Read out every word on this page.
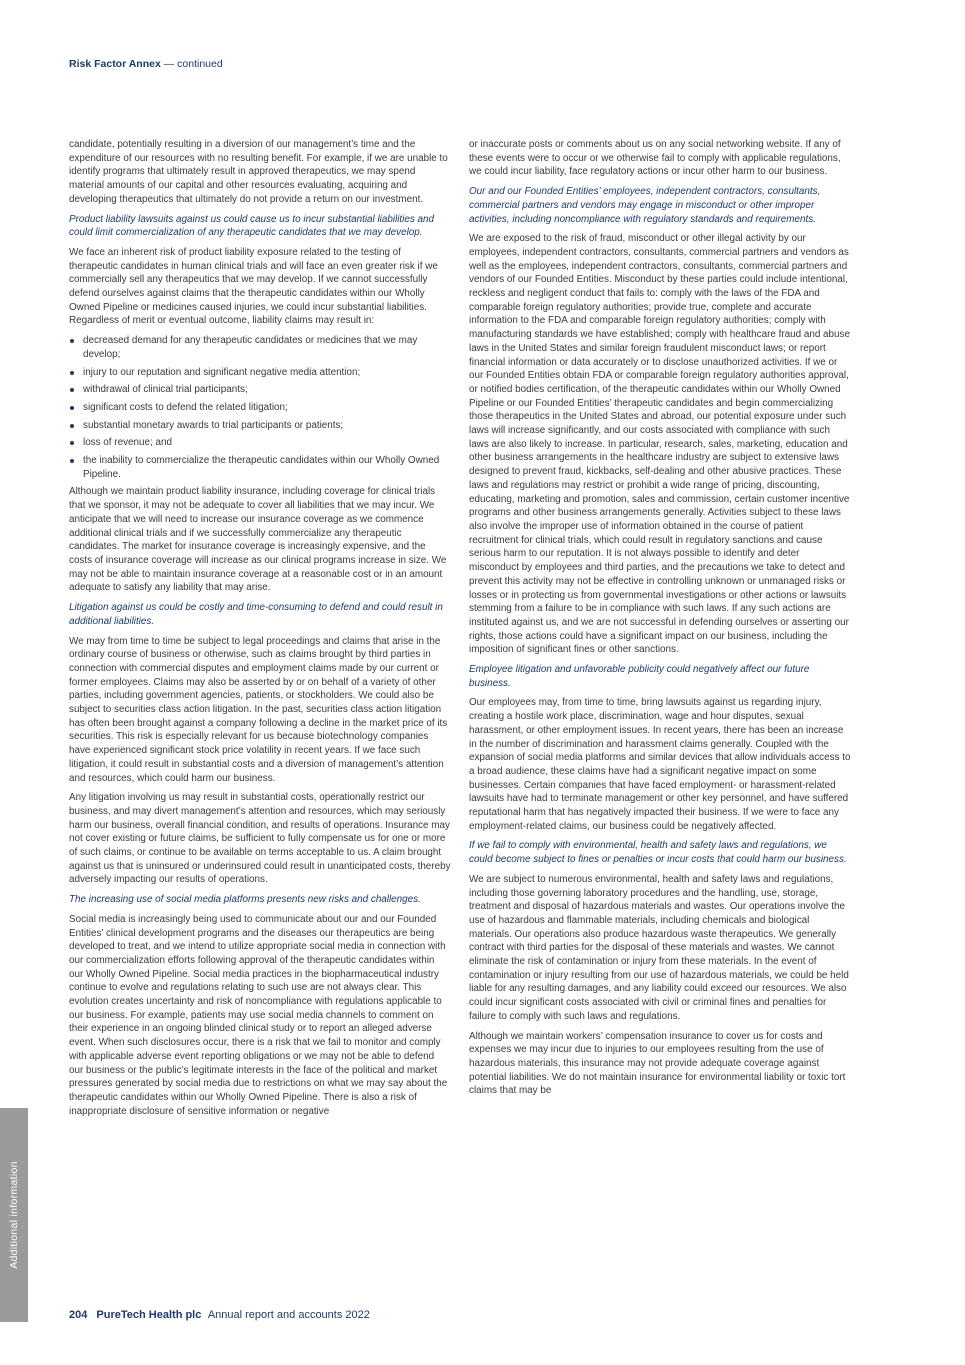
Risk Factor Annex — continued

candidate, potentially resulting in a diversion of our management’s time and the expenditure of our resources with no resulting benefit. For example, if we are unable to identify programs that ultimately result in approved therapeutics, we may spend material amounts of our capital and other resources evaluating, acquiring and developing therapeutics that ultimately do not provide a return on our investment.

Product liability lawsuits against us could cause us to incur substantial liabilities and could limit commercialization of any therapeutic candidates that we may develop.

We face an inherent risk of product liability exposure related to the testing of therapeutic candidates in human clinical trials and will face an even greater risk if we commercially sell any therapeutics that we may develop. If we cannot successfully defend ourselves against claims that the therapeutic candidates within our Wholly Owned Pipeline or medicines caused injuries, we could incur substantial liabilities. Regardless of merit or eventual outcome, liability claims may result in:

decreased demand for any therapeutic candidates or medicines that we may develop;
injury to our reputation and significant negative media attention;
withdrawal of clinical trial participants;
significant costs to defend the related litigation;
substantial monetary awards to trial participants or patients;
loss of revenue; and
the inability to commercialize the therapeutic candidates within our Wholly Owned Pipeline.

Although we maintain product liability insurance, including coverage for clinical trials that we sponsor, it may not be adequate to cover all liabilities that we may incur. We anticipate that we will need to increase our insurance coverage as we commence additional clinical trials and if we successfully commercialize any therapeutic candidates. The market for insurance coverage is increasingly expensive, and the costs of insurance coverage will increase as our clinical programs increase in size. We may not be able to maintain insurance coverage at a reasonable cost or in an amount adequate to satisfy any liability that may arise.

Litigation against us could be costly and time-consuming to defend and could result in additional liabilities.

We may from time to time be subject to legal proceedings and claims that arise in the ordinary course of business or otherwise, such as claims brought by third parties in connection with commercial disputes and employment claims made by our current or former employees. Claims may also be asserted by or on behalf of a variety of other parties, including government agencies, patients, or stockholders. We could also be subject to securities class action litigation. In the past, securities class action litigation has often been brought against a company following a decline in the market price of its securities. This risk is especially relevant for us because biotechnology companies have experienced significant stock price volatility in recent years. If we face such litigation, it could result in substantial costs and a diversion of management’s attention and resources, which could harm our business.

Any litigation involving us may result in substantial costs, operationally restrict our business, and may divert management’s attention and resources, which may seriously harm our business, overall financial condition, and results of operations. Insurance may not cover existing or future claims, be sufficient to fully compensate us for one or more of such claims, or continue to be available on terms acceptable to us. A claim brought against us that is uninsured or underinsured could result in unanticipated costs, thereby adversely impacting our results of operations.

The increasing use of social media platforms presents new risks and challenges.

Social media is increasingly being used to communicate about our and our Founded Entities’ clinical development programs and the diseases our therapeutics are being developed to treat, and we intend to utilize appropriate social media in connection with our commercialization efforts following approval of the therapeutic candidates within our Wholly Owned Pipeline. Social media practices in the biopharmaceutical industry continue to evolve and regulations relating to such use are not always clear. This evolution creates uncertainty and risk of noncompliance with regulations applicable to our business. For example, patients may use social media channels to comment on their experience in an ongoing blinded clinical study or to report an alleged adverse event. When such disclosures occur, there is a risk that we fail to monitor and comply with applicable adverse event reporting obligations or we may not be able to defend our business or the public’s legitimate interests in the face of the political and market pressures generated by social media due to restrictions on what we may say about the therapeutic candidates within our Wholly Owned Pipeline. There is also a risk of inappropriate disclosure of sensitive information or negative

or inaccurate posts or comments about us on any social networking website. If any of these events were to occur or we otherwise fail to comply with applicable regulations, we could incur liability, face regulatory actions or incur other harm to our business.

Our and our Founded Entities’ employees, independent contractors, consultants, commercial partners and vendors may engage in misconduct or other improper activities, including noncompliance with regulatory standards and requirements.

We are exposed to the risk of fraud, misconduct or other illegal activity by our employees, independent contractors, consultants, commercial partners and vendors as well as the employees, independent contractors, consultants, commercial partners and vendors of our Founded Entities. Misconduct by these parties could include intentional, reckless and negligent conduct that fails to: comply with the laws of the FDA and comparable foreign regulatory authorities; provide true, complete and accurate information to the FDA and comparable foreign regulatory authorities; comply with manufacturing standards we have established; comply with healthcare fraud and abuse laws in the United States and similar foreign fraudulent misconduct laws; or report financial information or data accurately or to disclose unauthorized activities. If we or our Founded Entities obtain FDA or comparable foreign regulatory authorities approval, or notified bodies certification, of the therapeutic candidates within our Wholly Owned Pipeline or our Founded Entities’ therapeutic candidates and begin commercializing those therapeutics in the United States and abroad, our potential exposure under such laws will increase significantly, and our costs associated with compliance with such laws are also likely to increase. In particular, research, sales, marketing, education and other business arrangements in the healthcare industry are subject to extensive laws designed to prevent fraud, kickbacks, self-dealing and other abusive practices. These laws and regulations may restrict or prohibit a wide range of pricing, discounting, educating, marketing and promotion, sales and commission, certain customer incentive programs and other business arrangements generally. Activities subject to these laws also involve the improper use of information obtained in the course of patient recruitment for clinical trials, which could result in regulatory sanctions and cause serious harm to our reputation. It is not always possible to identify and deter misconduct by employees and third parties, and the precautions we take to detect and prevent this activity may not be effective in controlling unknown or unmanaged risks or losses or in protecting us from governmental investigations or other actions or lawsuits stemming from a failure to be in compliance with such laws. If any such actions are instituted against us, and we are not successful in defending ourselves or asserting our rights, those actions could have a significant impact on our business, including the imposition of significant fines or other sanctions.

Employee litigation and unfavorable publicity could negatively affect our future business.

Our employees may, from time to time, bring lawsuits against us regarding injury, creating a hostile work place, discrimination, wage and hour disputes, sexual harassment, or other employment issues. In recent years, there has been an increase in the number of discrimination and harassment claims generally. Coupled with the expansion of social media platforms and similar devices that allow individuals access to a broad audience, these claims have had a significant negative impact on some businesses. Certain companies that have faced employment- or harassment-related lawsuits have had to terminate management or other key personnel, and have suffered reputational harm that has negatively impacted their business. If we were to face any employment-related claims, our business could be negatively affected.

If we fail to comply with environmental, health and safety laws and regulations, we could become subject to fines or penalties or incur costs that could harm our business.

We are subject to numerous environmental, health and safety laws and regulations, including those governing laboratory procedures and the handling, use, storage, treatment and disposal of hazardous materials and wastes. Our operations involve the use of hazardous and flammable materials, including chemicals and biological materials. Our operations also produce hazardous waste therapeutics. We generally contract with third parties for the disposal of these materials and wastes. We cannot eliminate the risk of contamination or injury from these materials. In the event of contamination or injury resulting from our use of hazardous materials, we could be held liable for any resulting damages, and any liability could exceed our resources. We also could incur significant costs associated with civil or criminal fines and penalties for failure to comply with such laws and regulations.

Although we maintain workers’ compensation insurance to cover us for costs and expenses we may incur due to injuries to our employees resulting from the use of hazardous materials, this insurance may not provide adequate coverage against potential liabilities. We do not maintain insurance for environmental liability or toxic tort claims that may be

Additional information
204 PureTech Health plc Annual report and accounts 2022
